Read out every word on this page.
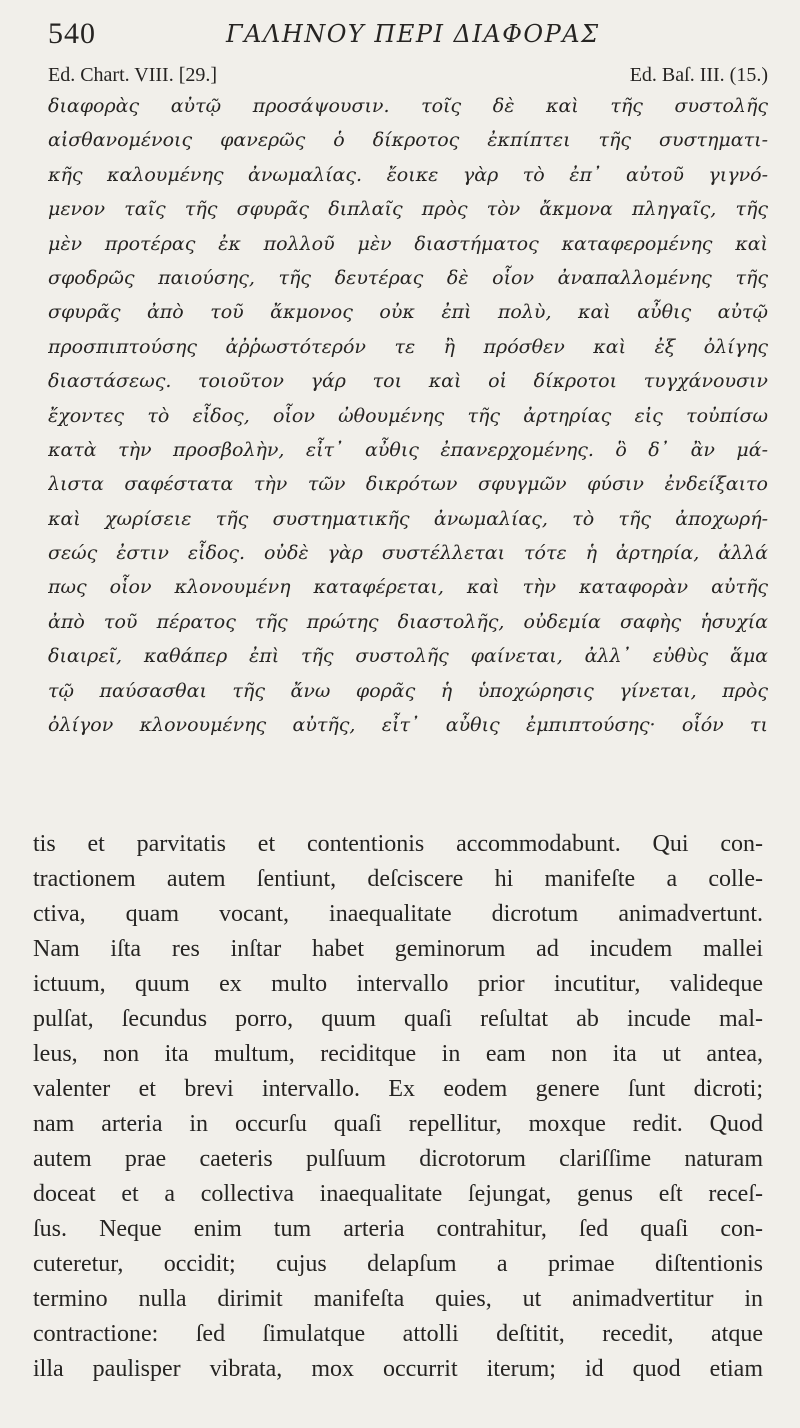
540	ΓΑΛΗΝΟΥ ΠΕΡΙ ΔΙΑΦΟΡΑΣ
Ed. Chart. VIII. [29.]	Ed. Baſ. III. (15.)
διαφορὰς αὐτῷ προσάψουσιν. τοῖς δὲ καὶ τῆς συστολῆς
αἰσθανομένοις φανερῶς ὁ δίκροτος ἐκπίπτει τῆς συστηματι-
κῆς καλουμένης ἀνωμαλίας. ἔοικε γὰρ τὸ ἐπ᾽ αὐτοῦ γιγνό-
μενον ταῖς τῆς σφυρᾶς διπλαῖς πρὸς τὸν ἄκμονα πληγαῖς, τῆς
μὲν προτέρας ἐκ πολλοῦ μὲν διαστήματος καταφερομένης καὶ
σφοδρῶς παιούσης, τῆς δευτέρας δὲ οἷον ἀναπαλλομένης τῆς
σφυρᾶς ἀπὸ τοῦ ἄκμονος οὐκ ἐπὶ πολὺ, καὶ αὖθις αὐτῷ
προσπιπτούσης ἀῤῥωστότερόν τε ἢ πρόσθεν καὶ ἐξ ὀλίγης
διαστάσεως. τοιοῦτον γάρ τοι καὶ οἱ δίκροτοι τυγχάνουσιν
ἔχοντες τὸ εἶδος, οἷον ὠθουμένης τῆς ἀρτηρίας εἰς τοὐπίσω
κατὰ τὴν προσβολὴν, εἶτ᾽ αὖθις ἐπανερχομένης. ὃ δ᾽ ἂν μά-
λιστα σαφέστατα τὴν τῶν δικρότων σφυγμῶν φύσιν ἐνδείξαιτο
καὶ χωρίσειε τῆς συστηματικῆς ἀνωμαλίας, τὸ τῆς ἀποχωρή-
σεώς ἐστιν εἶδος. οὐδὲ γὰρ συστέλλεται τότε ἡ ἀρτηρία, ἀλλά
πως οἷον κλονουμένη καταφέρεται, καὶ τὴν καταφορὰν αὐτῆς
ἀπὸ τοῦ πέρατος τῆς πρώτης διαστολῆς, οὐδεμία σαφὴς ἡσυχία
διαιρεῖ, καθάπερ ἐπὶ τῆς συστολῆς φαίνεται, ἀλλ᾽ εὐθὺς ἅμα
τῷ παύσασθαι τῆς ἄνω φορᾶς ἡ ὑποχώρησις γίνεται, πρὸς
ὀλίγον κλονουμένης αὐτῆς, εἶτ᾽ αὖθις ἐμπιπτούσης· οἷόν τι
tis et parvitatis et contentionis accommodabunt. Qui con-
tractionem autem ſentiunt, deſciscere hi manifeſte a colle-
ctiva, quam vocant, inaequalitate dicrotum animadvertunt.
Nam iſta res inſtar habet geminorum ad incudem mallei
ictuum, quum ex multo intervallo prior incutitur, valideque
pulſat, ſecundus porro, quum quaſi reſultat ab incude mal-
leus, non ita multum, reciditque in eam non ita ut antea,
valenter et brevi intervallo. Ex eodem genere ſunt dicroti;
nam arteria in occurſu quaſi repellitur, moxque redit. Quod
autem prae caeteris pulſuum dicrotorum clariſſime naturam
doceat et a collectiva inaequalitate ſejungat, genus eſt receſ-
ſus. Neque enim tum arteria contrahitur, ſed quaſi con-
cuteretur, occidit; cujus delapſum a primae diſtentionis
termino nulla dirimit manifeſta quies, ut animadvertitur in
contractione: ſed ſimulatque attolli deſtitit, recedit, atque
illa paulisper vibrata, mox occurrit iterum; id quod etiam
